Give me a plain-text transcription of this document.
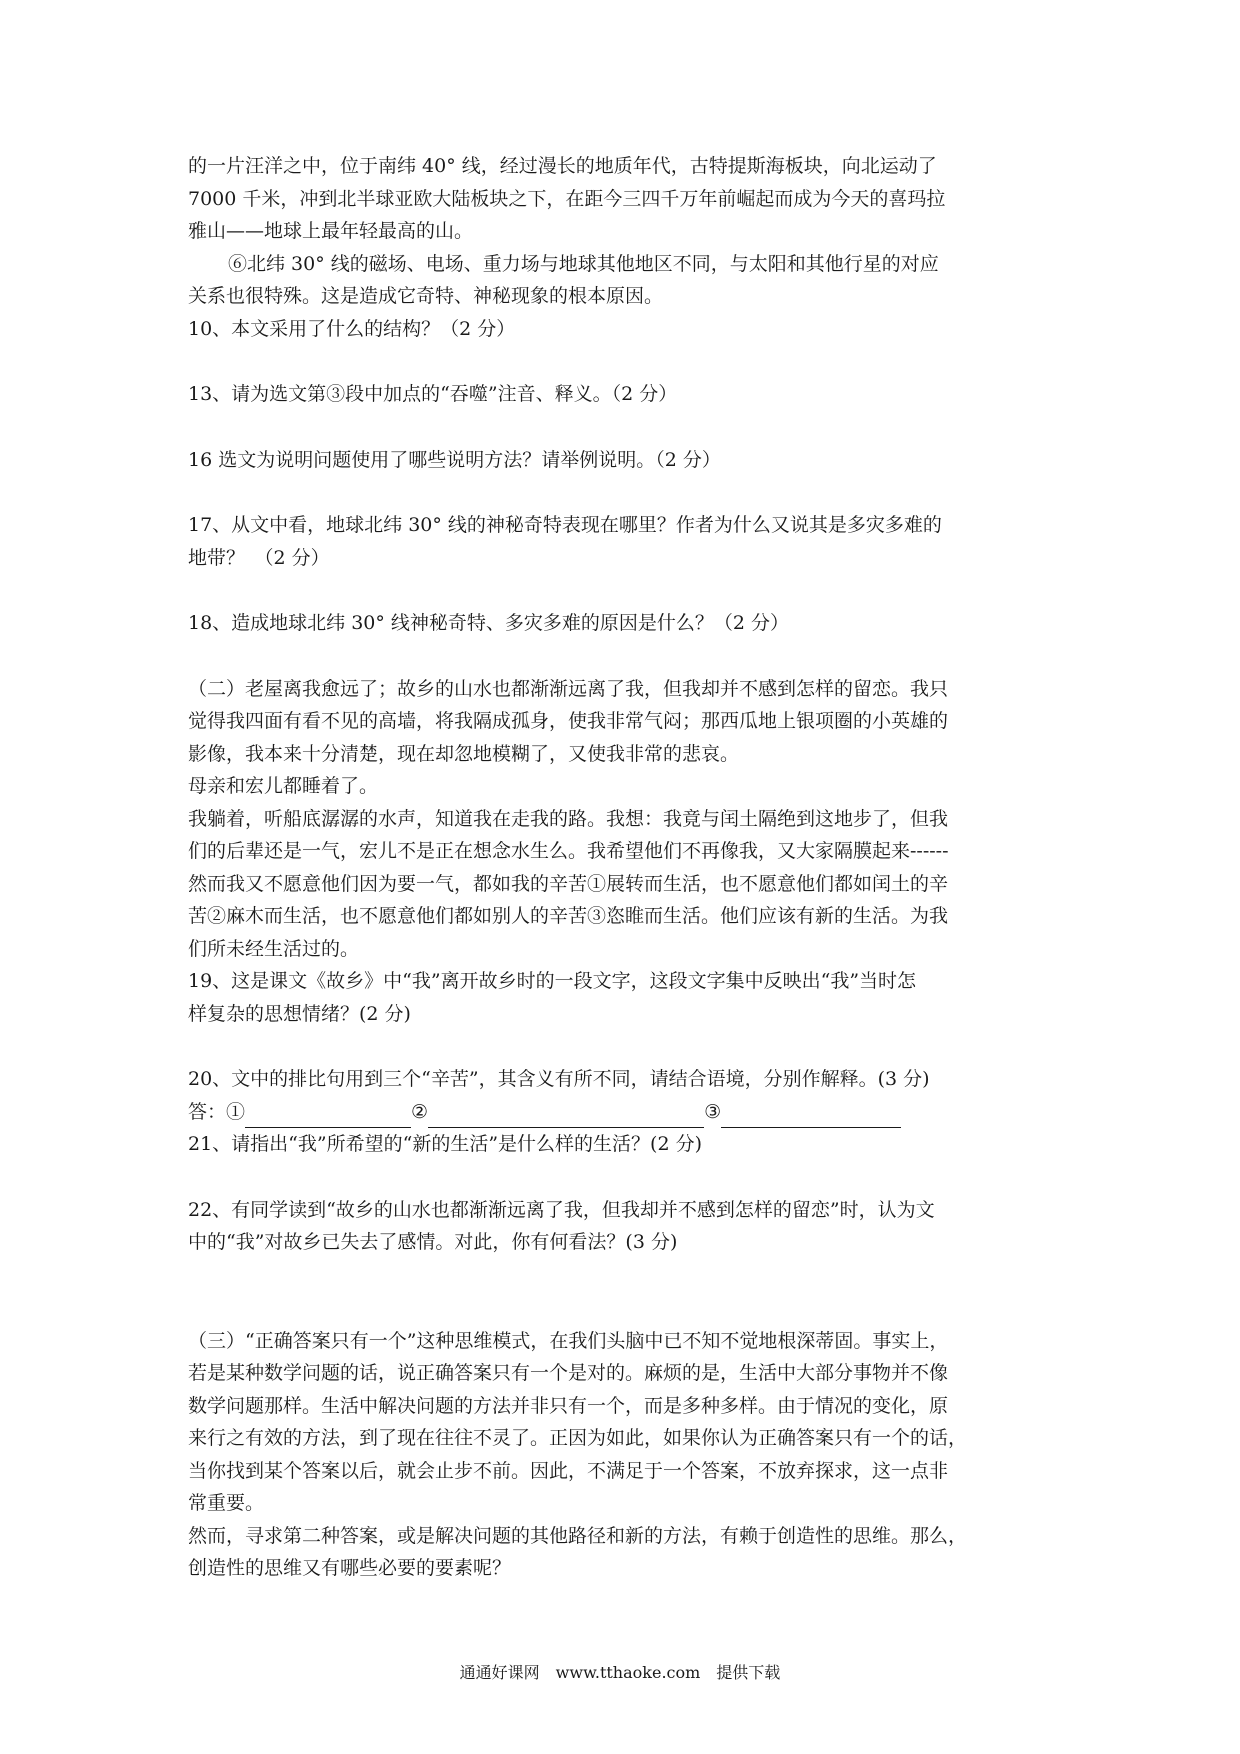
的一片汪洋之中，位于南纬 40° 线，经过漫长的地质年代，古特提斯海板块，向北运动了
7000 千米，冲到北半球亚欧大陆板块之下，在距今三四千万年前崛起而成为今天的喜玛拉
雅山——地球上最年轻最高的山。
⑥北纬 30° 线的磁场、电场、重力场与地球其他地区不同，与太阳和其他行星的对应
关系也很特殊。这是造成它奇特、神秘现象的根本原因。
10、本文采用了什么的结构？（2 分）
13、请为选文第③段中加点的“吞噬”注音、释义。（2 分）
16 选文为说明问题使用了哪些说明方法？请举例说明。（2 分）
17、从文中看，地球北纬 30° 线的神秘奇特表现在哪里？作者为什么又说其是多灾多难的
地带？　（2 分）
18、造成地球北纬 30° 线神秘奇特、多灾多难的原因是什么？（2 分）
（二）老屋离我愈远了；故乡的山水也都渐渐远离了我，但我却并不感到怎样的留恋。我只
觉得我四面有看不见的高墙，将我隔成孤身，使我非常气闷；那西瓜地上银项圈的小英雄的
影像，我本来十分清楚，现在却忽地模糊了，又使我非常的悲哀。
母亲和宏儿都睡着了。
我躺着，听船底潺潺的水声，知道我在走我的路。我想：我竟与闰土隔绝到这地步了，但我
们的后辈还是一气，宏儿不是正在想念水生么。我希望他们不再像我，又大家隔膜起来------
然而我又不愿意他们因为要一气，都如我的辛苦①展转而生活，也不愿意他们都如闰土的辛
苦②麻木而生活，也不愿意他们都如别人的辛苦③恣睢而生活。他们应该有新的生活。为我
们所未经生活过的。
19、这是课文《故乡》中“我”离开故乡时的一段文字，这段文字集中反映出“我”当时怎
样复杂的思想情绪？(2 分)
20、文中的排比句用到三个“辛苦”，其含义有所不同，请结合语境，分别作解释。(3 分)
答：①	②	③
21、请指出“我”所希望的“新的生活”是什么样的生活？(2 分)
22、有同学读到“故乡的山水也都渐渐远离了我，但我却并不感到怎样的留恋”时，认为文
中的“我”对故乡已失去了感情。对此，你有何看法？(3 分)
（三）“正确答案只有一个”这种思维模式，在我们头脑中已不知不觉地根深蒂固。事实上，
若是某种数学问题的话，说正确答案只有一个是对的。麻烦的是，生活中大部分事物并不像
数学问题那样。生活中解决问题的方法并非只有一个，而是多种多样。由于情况的变化，原
来行之有效的方法，到了现在往往不灵了。正因为如此，如果你认为正确答案只有一个的话，
当你找到某个答案以后，就会止步不前。因此，不满足于一个答案，不放弃探求，这一点非
常重要。
然而，寻求第二种答案，或是解决问题的其他路径和新的方法，有赖于创造性的思维。那么，
创造性的思维又有哪些必要的要素呢？
通通好课网　www.tthaoke.com　提供下载
